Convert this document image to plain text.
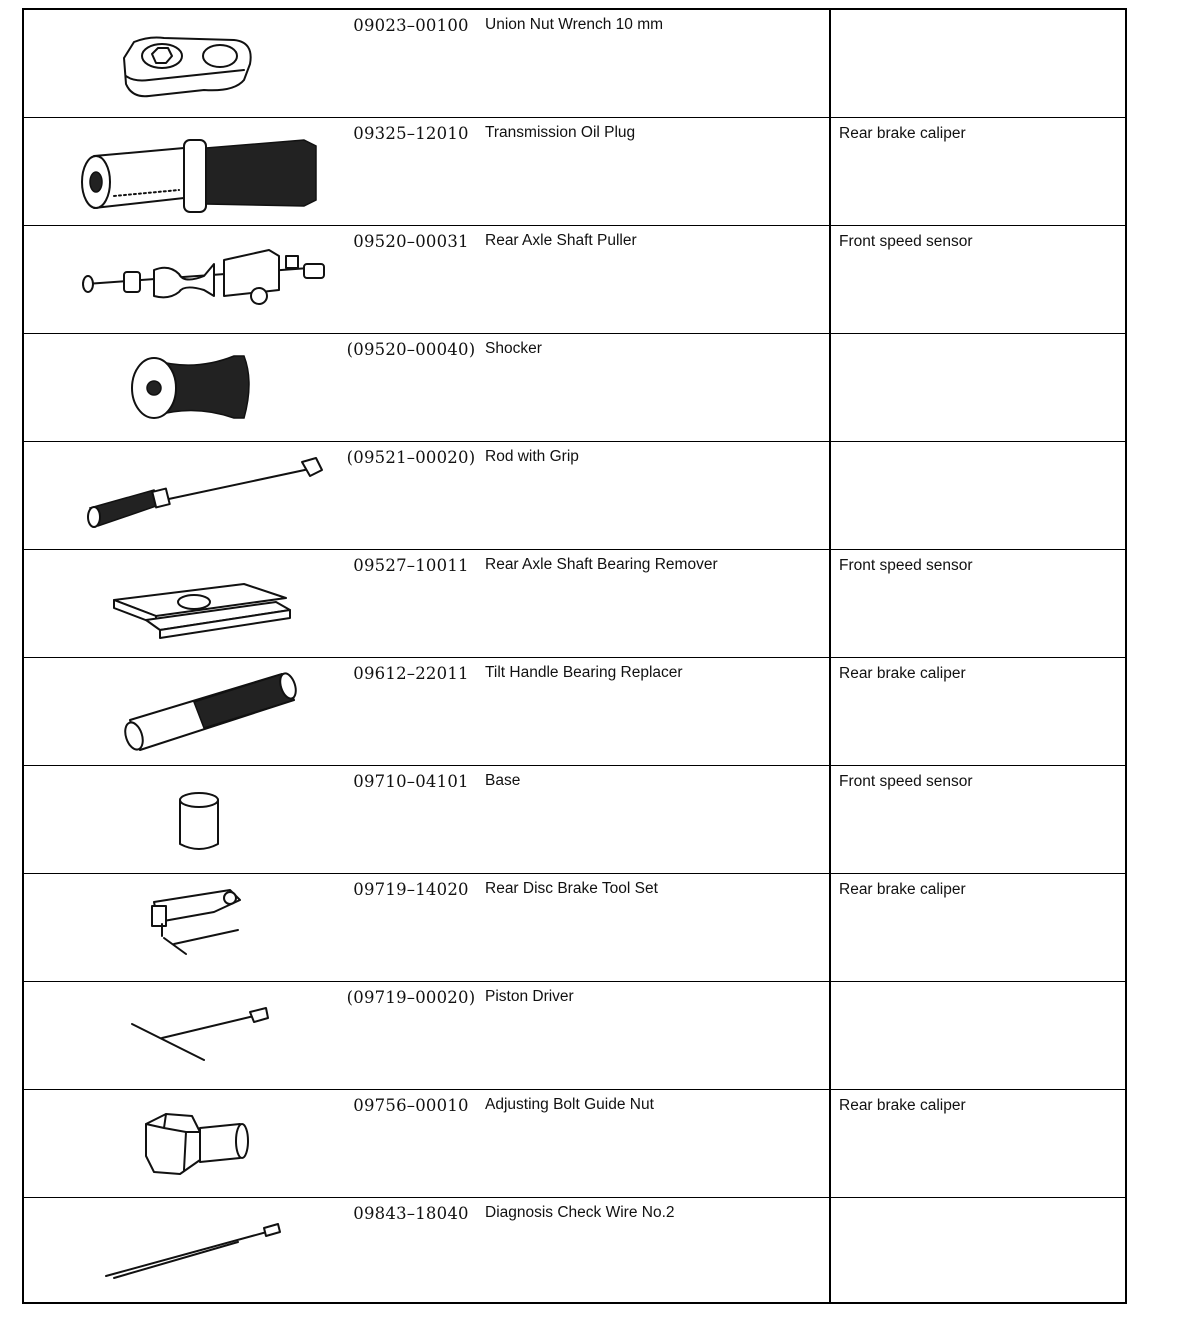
09023–00100 Union Nut Wrench 10 mm	

09325–12010 Transmission Oil Plug	Rear brake caliper

09520–00031 Rear Axle Shaft Puller	Front speed sensor

(09520–00040) Shocker	

(09521–00020) Rod with Grip	

09527–10011 Rear Axle Shaft Bearing Remover	Front speed sensor

09612–22011 Tilt Handle Bearing Replacer	Rear brake caliper

09710–04101 Base	Front speed sensor

09719–14020 Rear Disc Brake Tool Set	Rear brake caliper

(09719–00020) Piston Driver	

09756–00010 Adjusting Bolt Guide Nut	Rear brake caliper

09843–18040 Diagnosis Check Wire No.2	
